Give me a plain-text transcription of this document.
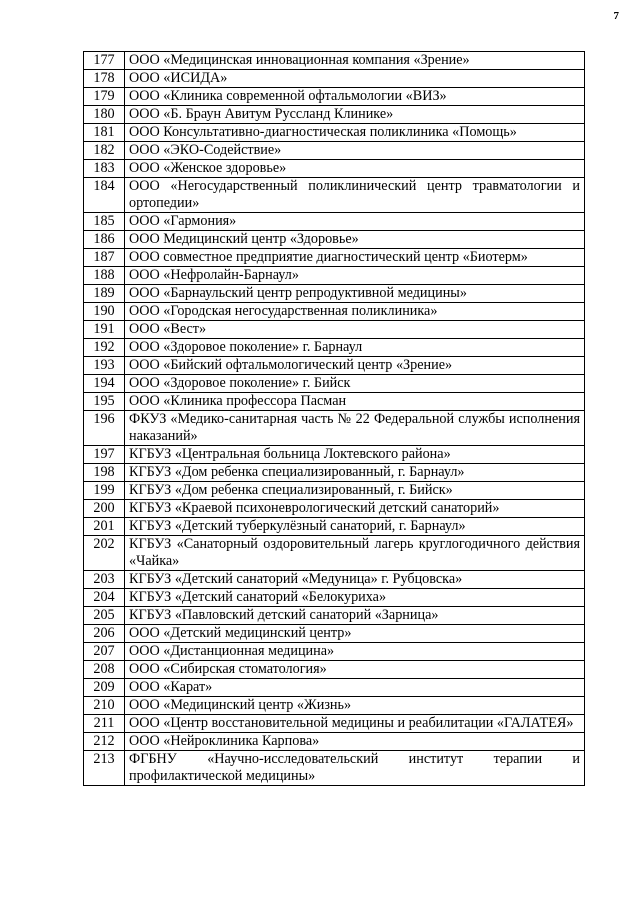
7
177	ООО «Медицинская инновационная компания «Зрение»
178	ООО «ИСИДА»
179	ООО «Клиника современной офтальмологии «ВИЗ»
180	ООО «Б. Браун Авитум Руссланд Клинике»
181	ООО Консультативно-диагностическая поликлиника «Помощь»
182	ООО «ЭКО-Содействие»
183	ООО «Женское здоровье»
184	ООО «Негосударственный поликлинический центр травматологии и ортопедии»
185	ООО «Гармония»
186	ООО Медицинский центр «Здоровье»
187	ООО совместное предприятие диагностический центр «Биотерм»
188	ООО «Нефролайн-Барнаул»
189	ООО «Барнаульский центр репродуктивной медицины»
190	ООО «Городская негосударственная поликлиника»
191	ООО «Вест»
192	ООО «Здоровое поколение» г. Барнаул
193	ООО «Бийский офтальмологический центр «Зрение»
194	ООО «Здоровое поколение» г. Бийск
195	ООО «Клиника профессора Пасман
196	ФКУЗ «Медико-санитарная часть № 22 Федеральной службы исполнения наказаний»
197	КГБУЗ «Центральная больница Локтевского района»
198	КГБУЗ «Дом ребенка специализированный, г. Барнаул»
199	КГБУЗ «Дом ребенка специализированный, г. Бийск»
200	КГБУЗ «Краевой психоневрологический детский санаторий»
201	КГБУЗ «Детский туберкулёзный санаторий, г. Барнаул»
202	КГБУЗ «Санаторный оздоровительный лагерь круглогодичного действия «Чайка»
203	КГБУЗ «Детский санаторий «Медуница» г. Рубцовска»
204	КГБУЗ «Детский санаторий «Белокуриха»
205	КГБУЗ «Павловский детский санаторий «Зарница»
206	ООО «Детский медицинский центр»
207	ООО «Дистанционная медицина»
208	ООО «Сибирская стоматология»
209	ООО «Карат»
210	ООО «Медицинский центр «Жизнь»
211	ООО «Центр восстановительной медицины и реабилитации «ГАЛАТЕЯ»
212	ООО «Нейроклиника Карпова»
213	ФГБНУ «Научно-исследовательский институт терапии и профилактической медицины»
